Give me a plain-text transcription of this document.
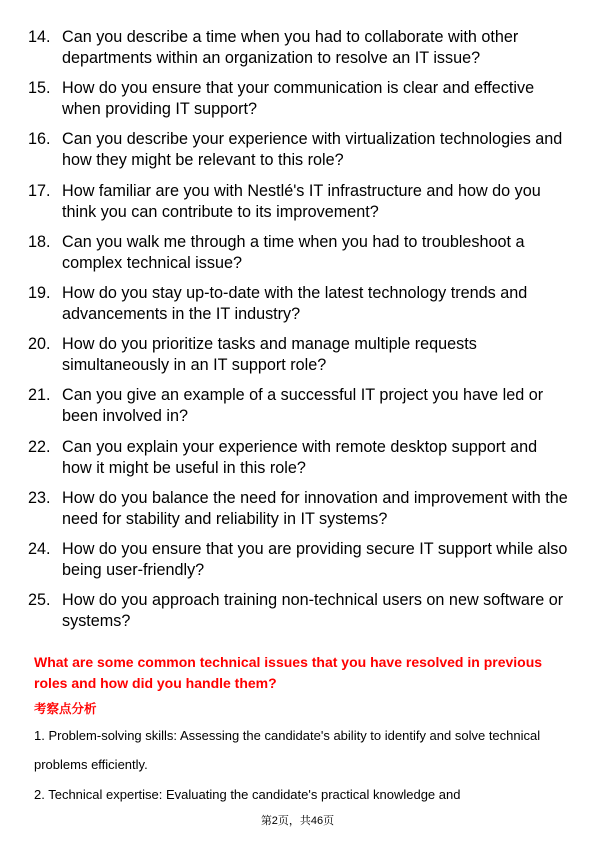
14. Can you describe a time when you had to collaborate with other departments within an organization to resolve an IT issue?
15. How do you ensure that your communication is clear and effective when providing IT support?
16. Can you describe your experience with virtualization technologies and how they might be relevant to this role?
17. How familiar are you with Nestlé's IT infrastructure and how do you think you can contribute to its improvement?
18. Can you walk me through a time when you had to troubleshoot a complex technical issue?
19. How do you stay up-to-date with the latest technology trends and advancements in the IT industry?
20. How do you prioritize tasks and manage multiple requests simultaneously in an IT support role?
21. Can you give an example of a successful IT project you have led or been involved in?
22. Can you explain your experience with remote desktop support and how it might be useful in this role?
23. How do you balance the need for innovation and improvement with the need for stability and reliability in IT systems?
24. How do you ensure that you are providing secure IT support while also being user-friendly?
25. How do you approach training non-technical users on new software or systems?
What are some common technical issues that you have resolved in previous roles and how did you handle them?
考察点分析
1. Problem-solving skills: Assessing the candidate's ability to identify and solve technical problems efficiently.
2. Technical expertise: Evaluating the candidate's practical knowledge and
第2页，共46页
